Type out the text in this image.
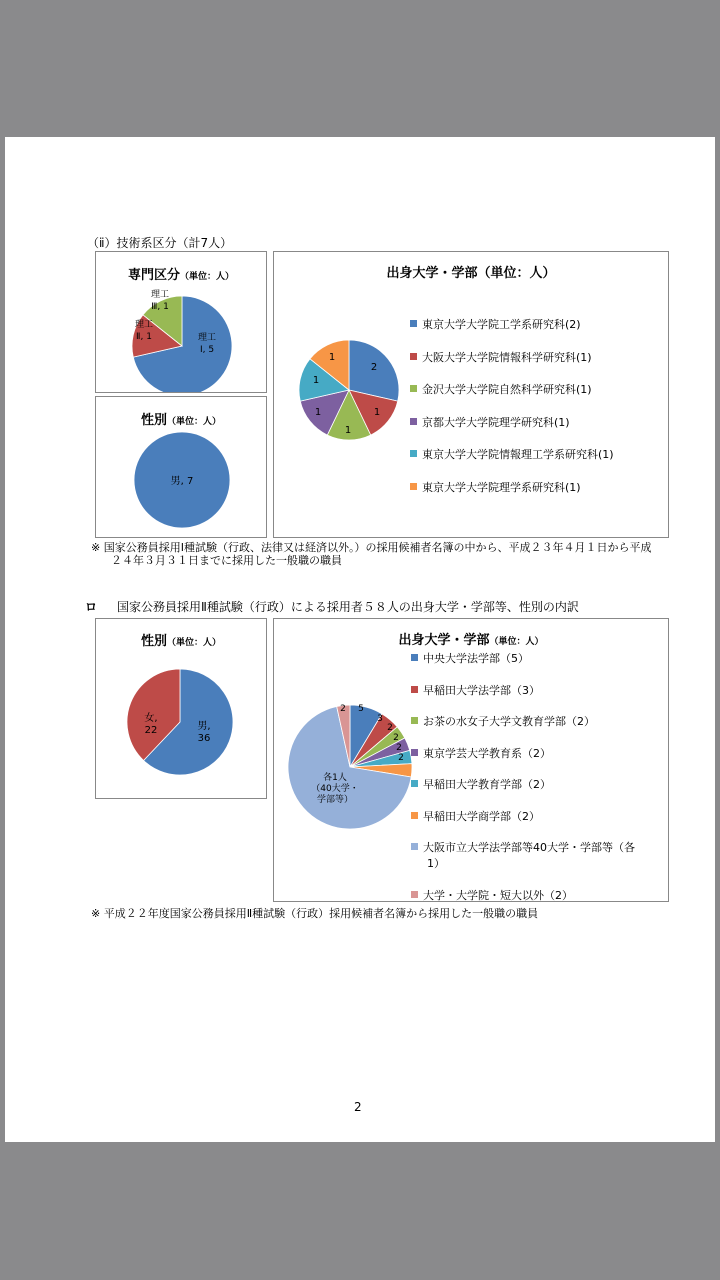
（ⅱ）技術系区分（計7人）
専門区分（単位：人）
理工
Ⅰ, 5
理工
Ⅱ, 1
理工
Ⅲ, 1
出身大学・学部（単位：人）
2
1
1
1
1
1
東京大学大学院工学系研究科(2)
大阪大学大学院情報科学研究科(1)
金沢大学大学院自然科学研究科(1)
京都大学大学院理学研究科(1)
東京大学大学院情報理工学系研究科(1)
東京大学大学院理学系研究科(1)
性別（単位：人）
男, 7
※ 国家公務員採用Ⅰ種試験（行政、法律又は経済以外。）の採用候補者名簿の中から、平成２３年４月１日から平成
２４年３月３１日までに採用した一般職の職員
ロ 国家公務員採用Ⅱ種試験（行政）による採用者５８人の出身大学・学部等、性別の内訳
性別（単位：人）
男,
36
女,
22
出身大学・学部（単位：人）
5
3
2
2
2
2
各1人
（40大学・
学部等）
2
中央大学法学部（5）
早稲田大学法学部（3）
お茶の水女子大学文教育学部（2）
東京学芸大学教育系（2）
早稲田大学教育学部（2）
早稲田大学商学部（2）
大阪市立大学法学部等40大学・学部等（各
1）
大学・大学院・短大以外（2）
※ 平成２２年度国家公務員採用Ⅱ種試験（行政）採用候補者名簿から採用した一般職の職員
2
